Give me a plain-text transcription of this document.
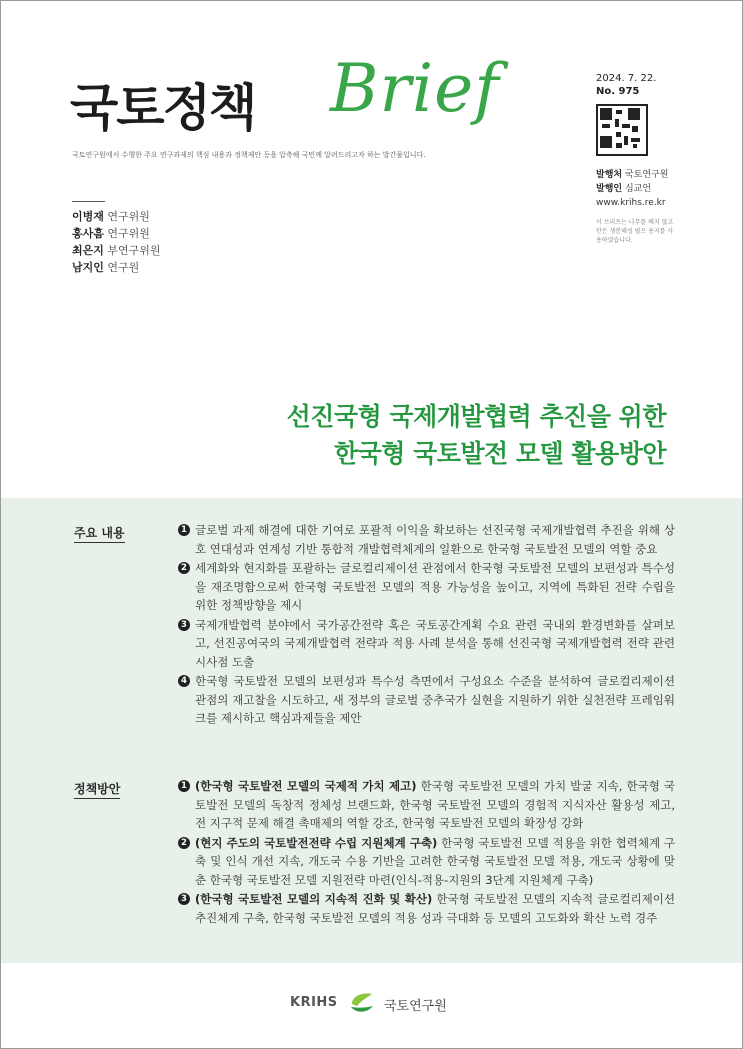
국토정책 Brief
국토연구원에서 수행한 주요 연구과제의 핵심 내용과 정책제안 등을 압축해 국민께 알려드리고자 하는 발간물입니다.
이병재 연구위원
홍사흠 연구위원
최은지 부연구위원
남지인 연구원
2024. 7. 22.
No. 975
발행처 국토연구원
발행인 심교언
www.krihs.re.kr
이 브리프는 나무를 베지 않고 만든 생분해성 펄프 용지를 사용하였습니다.
선진국형 국제개발협력 추진을 위한
한국형 국토발전 모델 활용방안
주요 내용	1 글로벌 과제 해결에 대한 기여로 포괄적 이익을 확보하는 선진국형 국제개발협력 추진을 위해 상호 연대성과 연계성 기반 통합적 개발협력체계의 일환으로 한국형 국토발전 모델의 역할 중요
2 세계화와 현지화를 포괄하는 글로컬리제이션 관점에서 한국형 국토발전 모델의 보편성과 특수성을 재조명함으로써 한국형 국토발전 모델의 적용 가능성을 높이고, 지역에 특화된 전략 수립을 위한 정책방향을 제시
3 국제개발협력 분야에서 국가공간전략 혹은 국토공간계획 수요 관련 국내외 환경변화를 살펴보고, 선진공여국의 국제개발협력 전략과 적용 사례 분석을 통해 선진국형 국제개발협력 전략 관련 시사점 도출
4 한국형 국토발전 모델의 보편성과 특수성 측면에서 구성요소 수준을 분석하여 글로컬리제이션 관점의 재고찰을 시도하고, 새 정부의 글로벌 중추국가 실현을 지원하기 위한 실천전략 프레임워크를 제시하고 핵심과제들을 제안
정책방안	1 (한국형 국토발전 모델의 국제적 가치 제고) 한국형 국토발전 모델의 가치 발굴 지속, 한국형 국토발전 모델의 독창적 정체성 브랜드화, 한국형 국토발전 모델의 경험적 지식자산 활용성 제고, 전 지구적 문제 해결 촉매제의 역할 강조, 한국형 국토발전 모델의 확장성 강화
2 (현지 주도의 국토발전전략 수립 지원체계 구축) 한국형 국토발전 모델 적용을 위한 협력체계 구축 및 인식 개선 지속, 개도국 수용 기반을 고려한 한국형 국토발전 모델 적용, 개도국 상황에 맞춘 한국형 국토발전 모델 지원전략 마련(인식-적용-지원의 3단계 지원체계 구축)
3 (한국형 국토발전 모델의 지속적 진화 및 확산) 한국형 국토발전 모델의 지속적 글로컬리제이션 추진체계 구축, 한국형 국토발전 모델의 적용 성과 극대화 등 모델의 고도화와 확산 노력 경주
KRIHS	국토연구원
